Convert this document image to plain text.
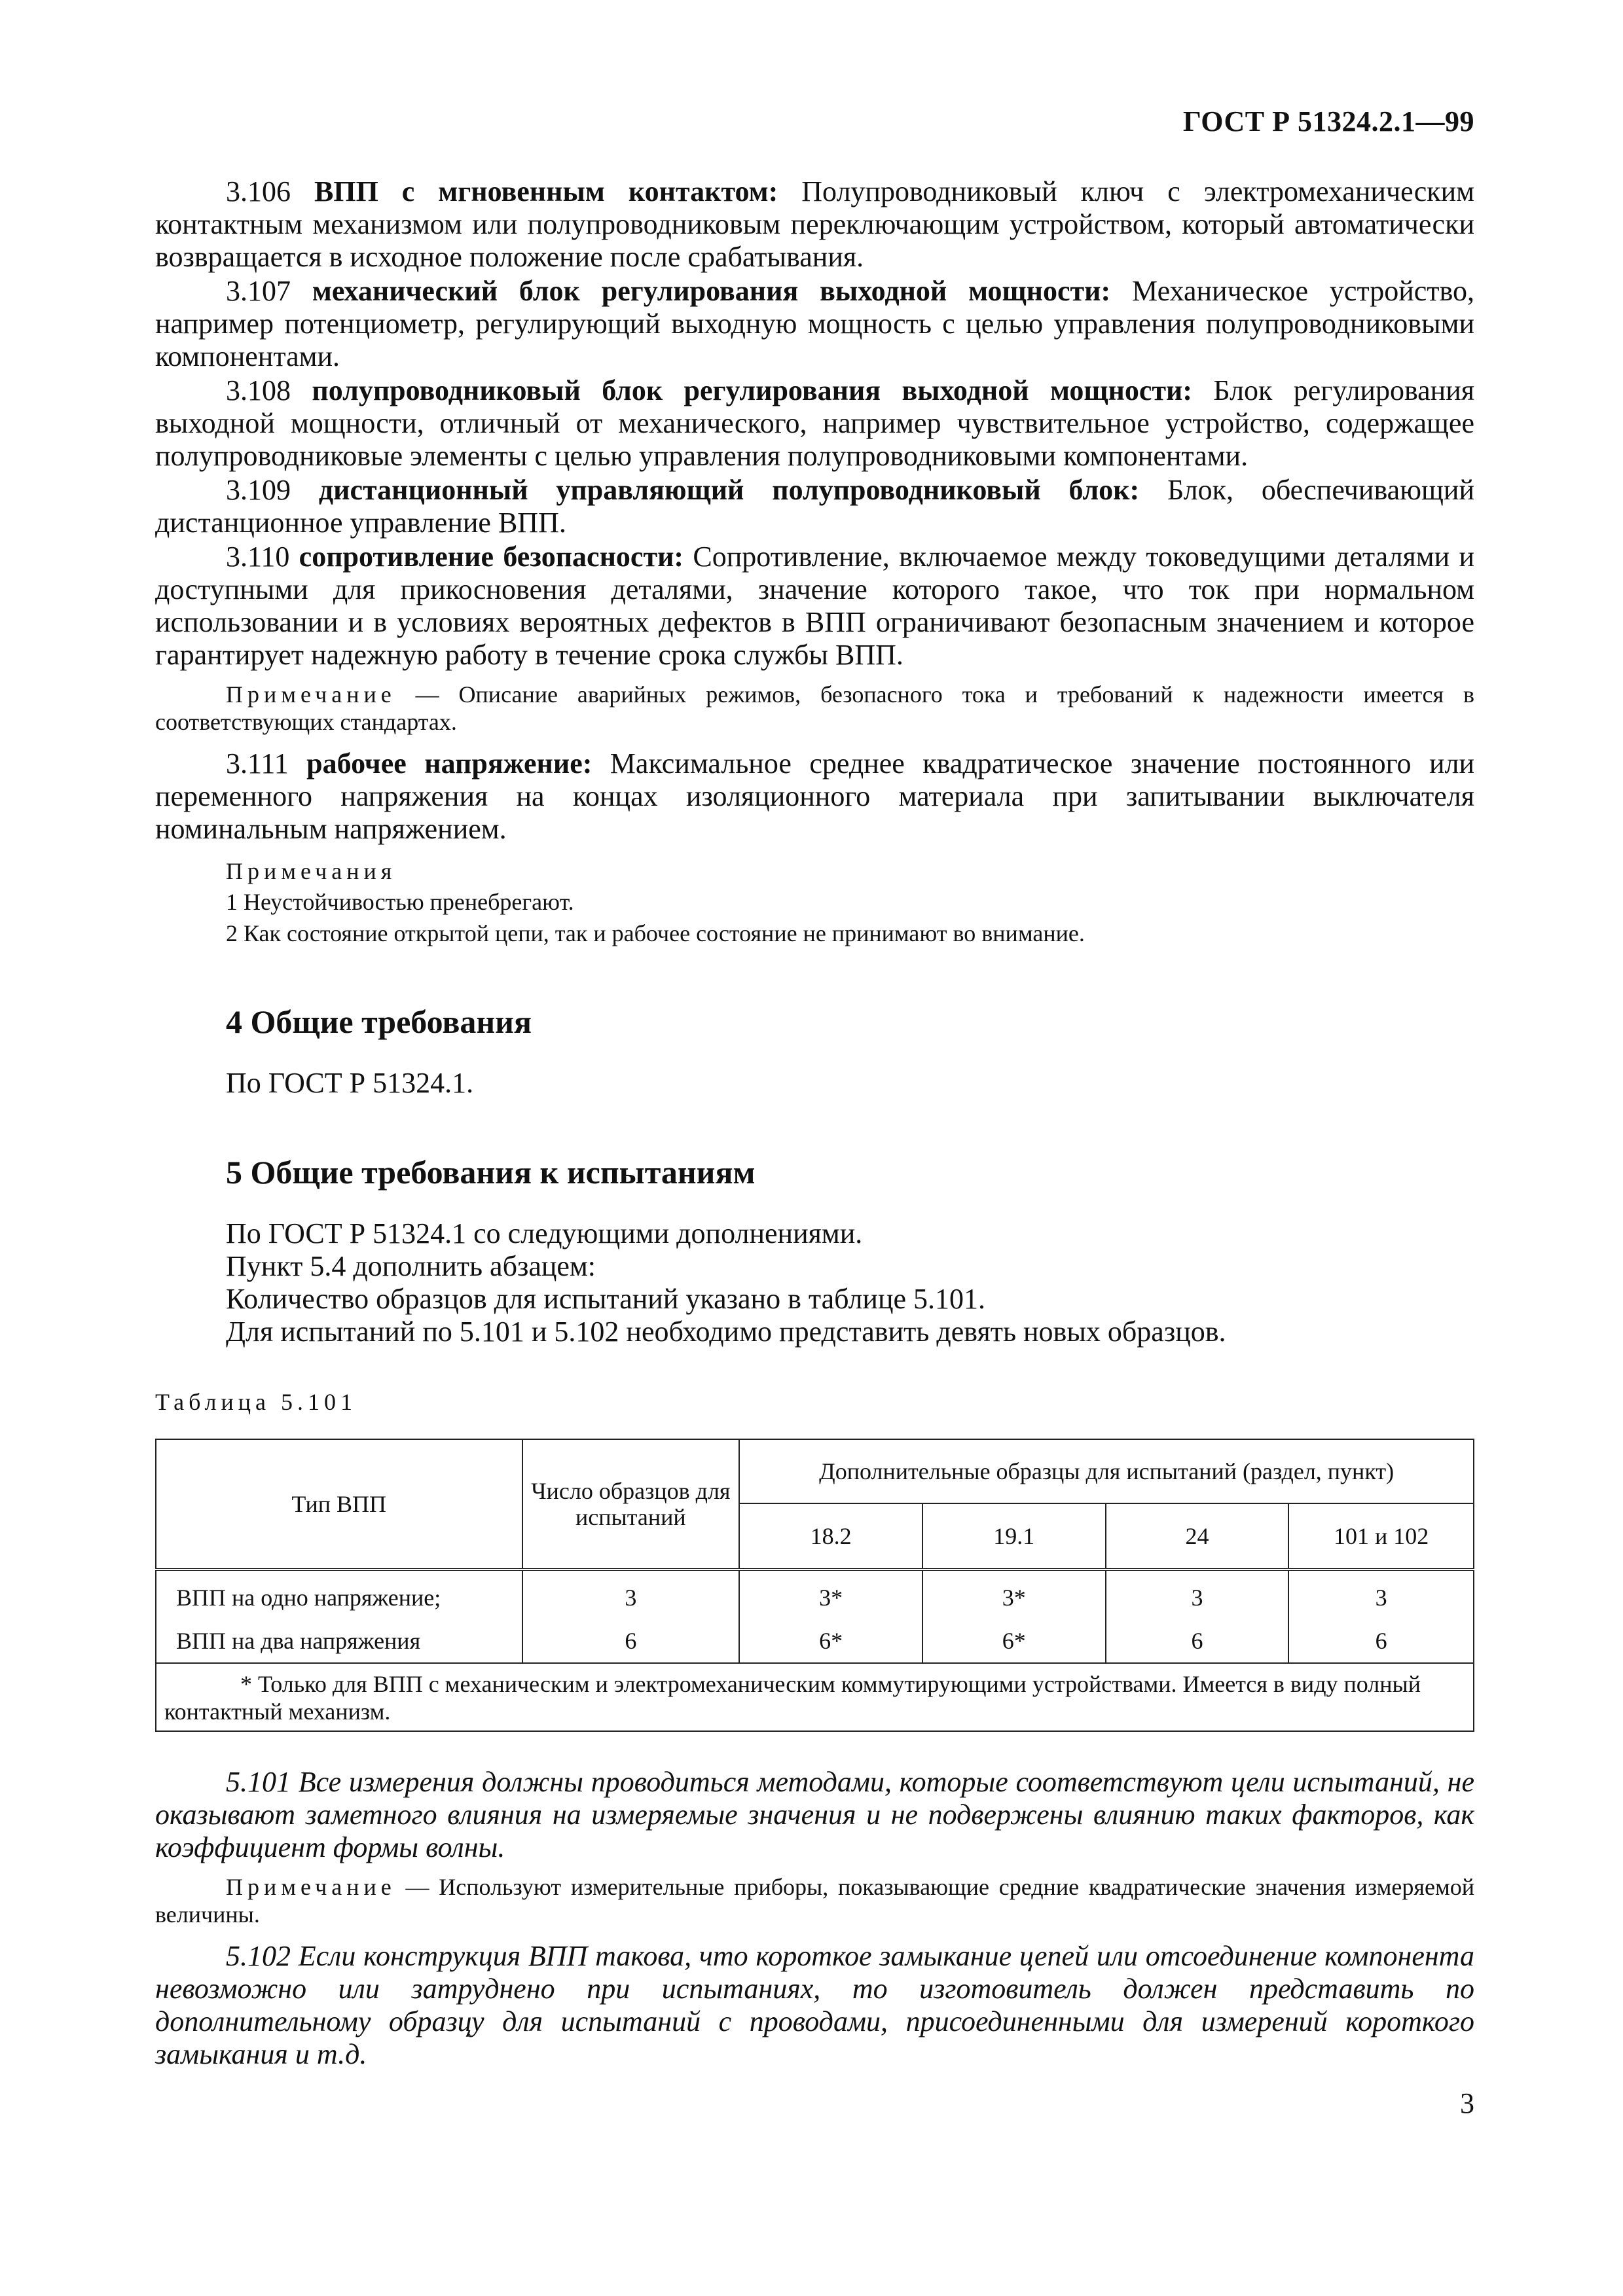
ГОСТ Р 51324.2.1—99

3.106 ВПП с мгновенным контактом: Полупроводниковый ключ с электромеханическим контактным механизмом или полупроводниковым переключающим устройством, который автоматически возвращается в исходное положение после срабатывания.

3.107 механический блок регулирования выходной мощности: Механическое устройство, например потенциометр, регулирующий выходную мощность с целью управления полупроводниковыми компонентами.

3.108 полупроводниковый блок регулирования выходной мощности: Блок регулирования выходной мощности, отличный от механического, например чувствительное устройство, содержащее полупроводниковые элементы с целью управления полупроводниковыми компонентами.

3.109 дистанционный управляющий полупроводниковый блок: Блок, обеспечивающий дистанционное управление ВПП.

3.110 сопротивление безопасности: Сопротивление, включаемое между токоведущими деталями и доступными для прикосновения деталями, значение которого такое, что ток при нормальном использовании и в условиях вероятных дефектов в ВПП ограничивают безопасным значением и которое гарантирует надежную работу в течение срока службы ВПП.

Примечание — Описание аварийных режимов, безопасного тока и требований к надежности имеется в соответствующих стандартах.

3.111 рабочее напряжение: Максимальное среднее квадратическое значение постоянного или переменного напряжения на концах изоляционного материала при запитывании выключателя номинальным напряжением.

Примечания
1 Неустойчивостью пренебрегают.
2 Как состояние открытой цепи, так и рабочее состояние не принимают во внимание.
4 Общие требования
По ГОСТ Р 51324.1.
5 Общие требования к испытаниям
По ГОСТ Р 51324.1 со следующими дополнениями.
Пункт 5.4 дополнить абзацем:
Количество образцов для испытаний указано в таблице 5.101.
Для испытаний по 5.101 и 5.102 необходимо представить девять новых образцов.
Таблица 5.101
Тип ВПП	Число образцов для испытаний	Дополнительные образцы для испытаний (раздел, пункт)			
		18.2	19.1	24	101 и 102
ВПП на одно напряжение;	3	3*	3*	3	3
ВПП на два напряжения	6	6*	6*	6	6
* Только для ВПП с механическим и электромеханическим коммутирующими устройствами. Имеется в виду полный контактный механизм.					

5.101 Все измерения должны проводиться методами, которые соответствуют цели испытаний, не оказывают заметного влияния на измеряемые значения и не подвержены влиянию таких факторов, как коэффициент формы волны.

Примечание — Используют измерительные приборы, показывающие средние квадратические значения измеряемой величины.

5.102 Если конструкция ВПП такова, что короткое замыкание цепей или отсоединение компонента невозможно или затруднено при испытаниях, то изготовитель должен представить по дополнительному образцу для испытаний с проводами, присоединенными для измерений короткого замыкания и т.д.

3
